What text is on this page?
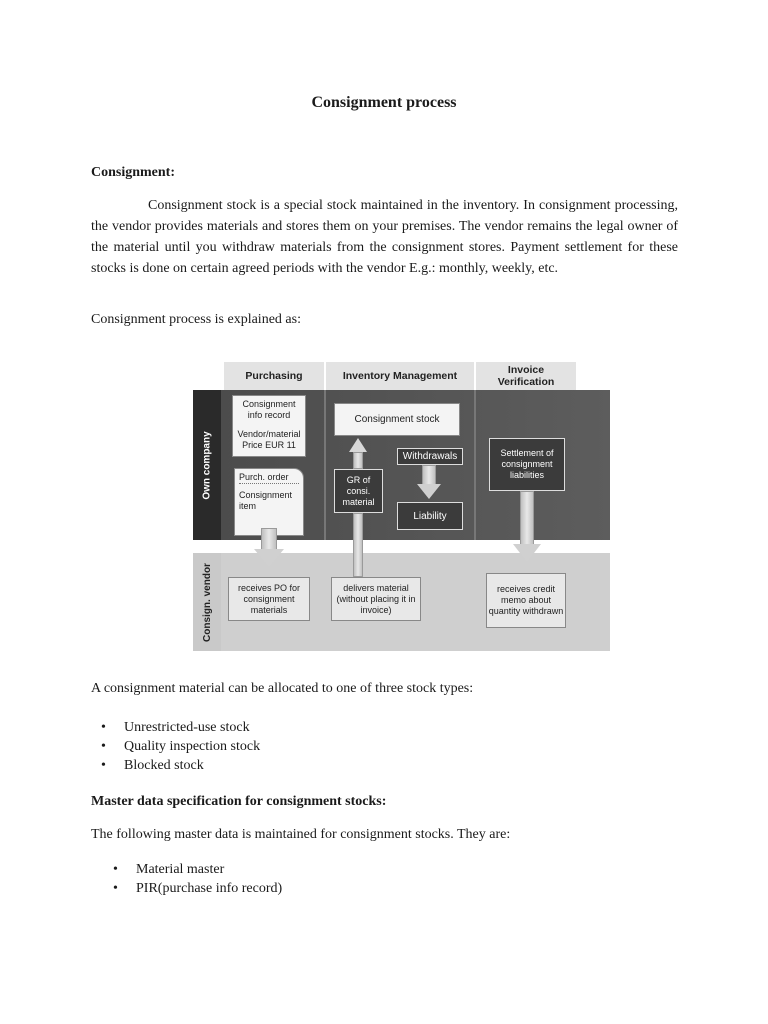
Consignment process
Consignment:

Consignment stock is a special stock maintained in the inventory. In consignment processing, the vendor provides materials and stores them on your premises. The vendor remains the legal owner of the material until you withdraw materials from the consignment stores. Payment settlement for these stocks is done on certain agreed periods with the vendor E.g.: monthly, weekly, etc.

Consignment process is explained as:
Purchasing	Inventory Management	Invoice Verification
Own company
Consign. vendor
Consignment info record
Vendor/material Price EUR 11
Purch. order
Consignment item
Consignment stock
Withdrawals
GR of consi. material
Liability
Settlement of consignment liabilities
receives PO for consignment materials
delivers material (without placing it in invoice)
receives credit memo about quantity withdrawn
A consignment material can be allocated to one of three stock types:
• Unrestricted-use stock
• Quality inspection stock
• Blocked stock
Master data specification for consignment stocks:
The following master data is maintained for consignment stocks. They are:
• Material master
• PIR(purchase info record)
